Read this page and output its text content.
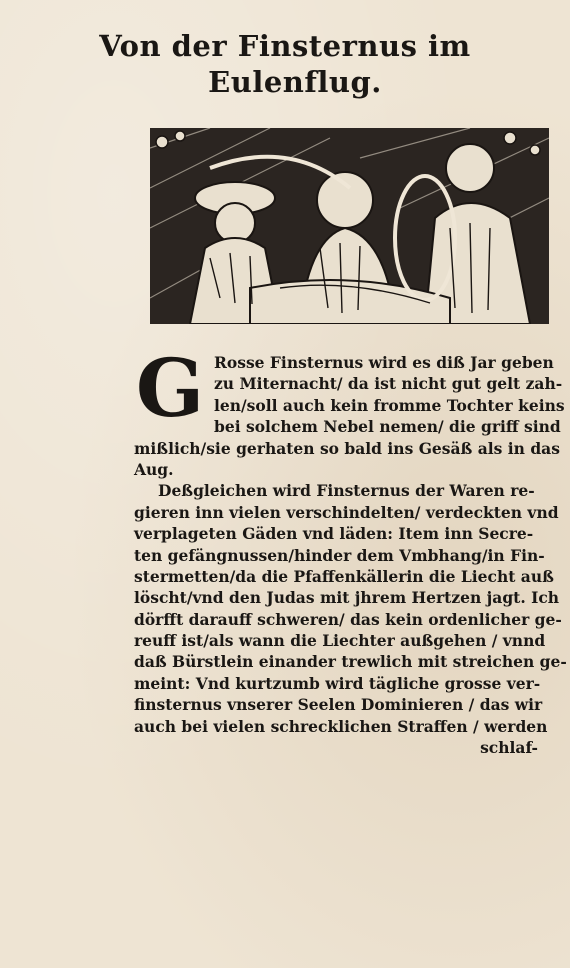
Von der Finsternus im
Eulenflug.
G Rosse Finsternus wird es diß Jar geben
zu Miternacht/ da ist nicht gut gelt zah-
len/soll auch kein fromme Tochter keins
bei solchem Nebel nemen/ die griff sind
mißlich/sie gerhaten so bald ins Gesäß als in das
Aug.
Deßgleichen wird Finsternus der Waren re-
gieren inn vielen verschindelten/ verdeckten vnd
verplageten Gäden vnd läden: Item inn Secre-
ten gefängnussen/hinder dem Vmbhang/in Fin-
stermetten/da die Pfaffenkällerin die Liecht auß
löscht/vnd den Judas mit jhrem Hertzen jagt. Ich
dörfft darauff schweren/ das kein ordenlicher ge-
reuff ist/als wann die Liechter außgehen / vnnd
daß Bürstlein einander trewlich mit streichen ge-
meint: Vnd kurtzumb wird tägliche grosse ver-
finsternus vnserer Seelen Dominieren / das wir
auch bei vielen schrecklichen Straffen / werden
schlaf-
